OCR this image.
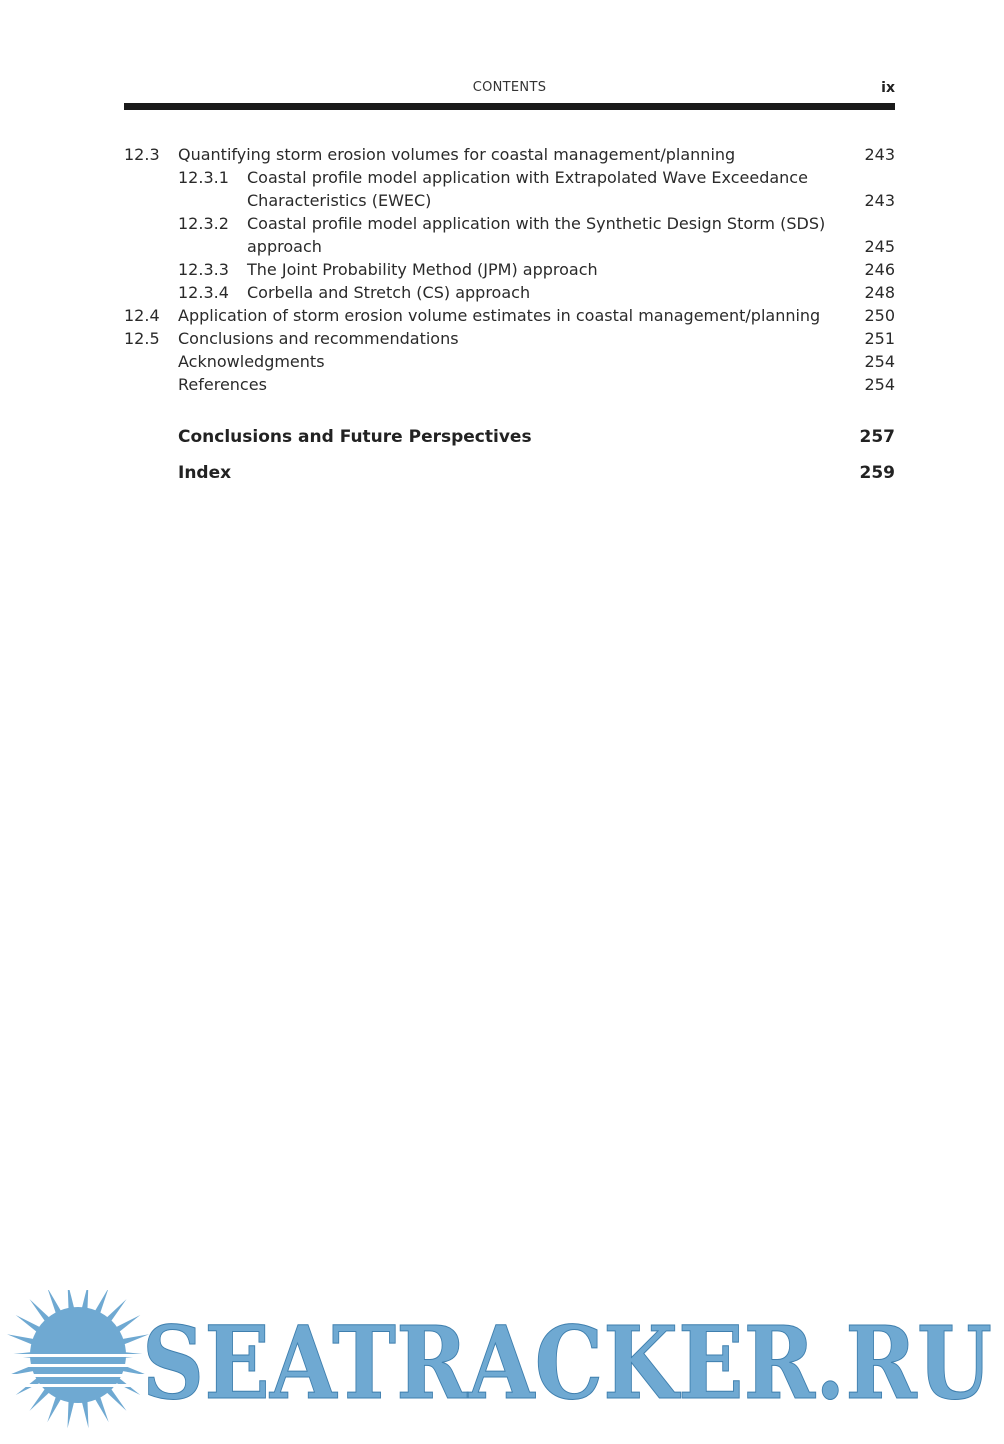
CONTENTS	ix
12.3 Quantifying storm erosion volumes for coastal management/planning	243
12.3.1 Coastal profile model application with Extrapolated Wave Exceedance
Characteristics (EWEC)	243
12.3.2 Coastal profile model application with the Synthetic Design Storm (SDS)
approach	245
12.3.3 The Joint Probability Method (JPM) approach	246
12.3.4 Corbella and Stretch (CS) approach	248
12.4 Application of storm erosion volume estimates in coastal management/planning	250
12.5 Conclusions and recommendations	251
Acknowledgments	254
References	254
Conclusions and Future Perspectives	257
Index	259
SEATRACKER.RU
